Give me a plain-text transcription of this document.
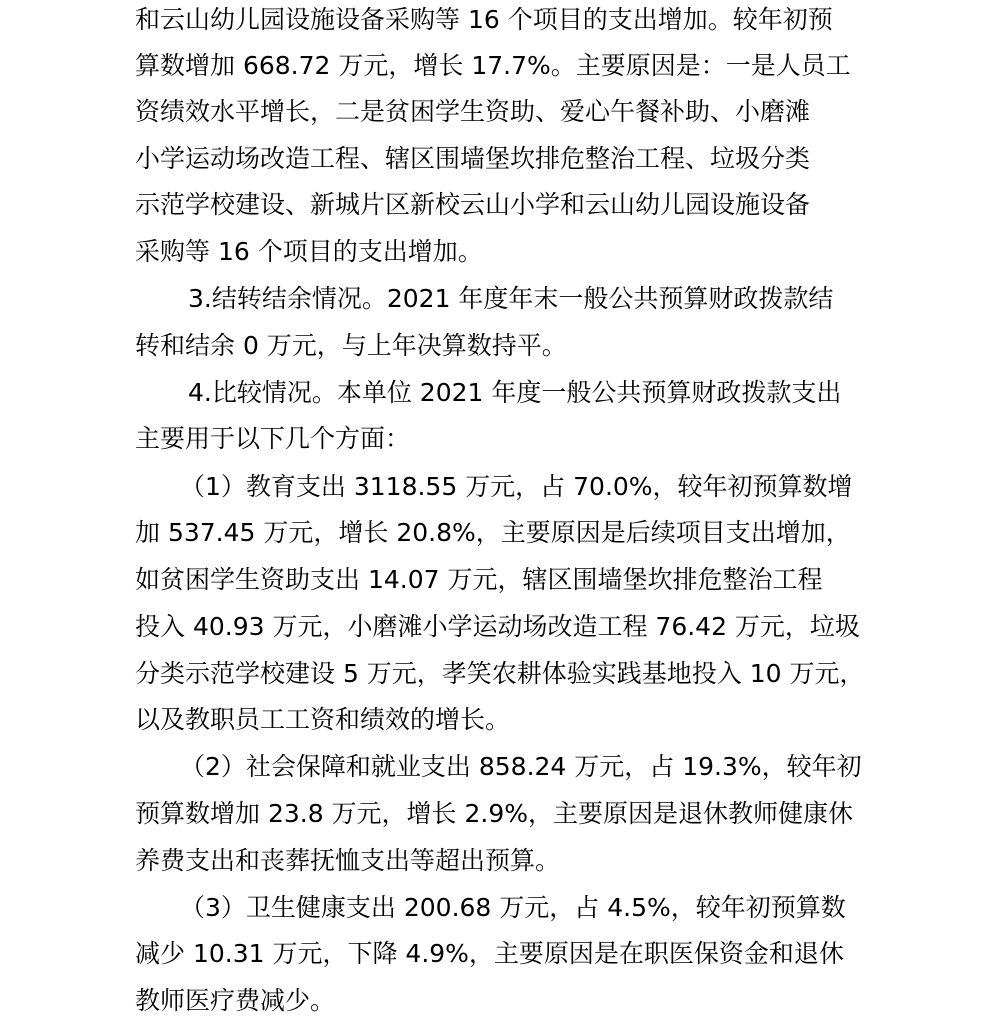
和云山幼儿园设施设备采购等 16 个项目的支出增加。较年初预
算数增加 668.72 万元，增长 17.7%。主要原因是：一是人员工
资绩效水平增长，二是贫困学生资助、爱心午餐补助、小磨滩
小学运动场改造工程、辖区围墙堡坎排危整治工程、垃圾分类
示范学校建设、新城片区新校云山小学和云山幼儿园设施设备
采购等 16 个项目的支出增加。
3.结转结余情况。2021 年度年末一般公共预算财政拨款结
转和结余 0 万元，与上年决算数持平。
4.比较情况。本单位 2021 年度一般公共预算财政拨款支出
主要用于以下几个方面：
（1）教育支出 3118.55 万元，占 70.0%，较年初预算数增
加 537.45 万元，增长 20.8%，主要原因是后续项目支出增加，
如贫困学生资助支出 14.07 万元，辖区围墙堡坎排危整治工程
投入 40.93 万元，小磨滩小学运动场改造工程 76.42 万元，垃圾
分类示范学校建设 5 万元，孝笑农耕体验实践基地投入 10 万元，
以及教职员工工资和绩效的增长。
（2）社会保障和就业支出 858.24 万元，占 19.3%，较年初
预算数增加 23.8 万元，增长 2.9%，主要原因是退休教师健康休
养费支出和丧葬抚恤支出等超出预算。
（3）卫生健康支出 200.68 万元，占 4.5%，较年初预算数
减少 10.31 万元，下降 4.9%，主要原因是在职医保资金和退休
教师医疗费减少。
